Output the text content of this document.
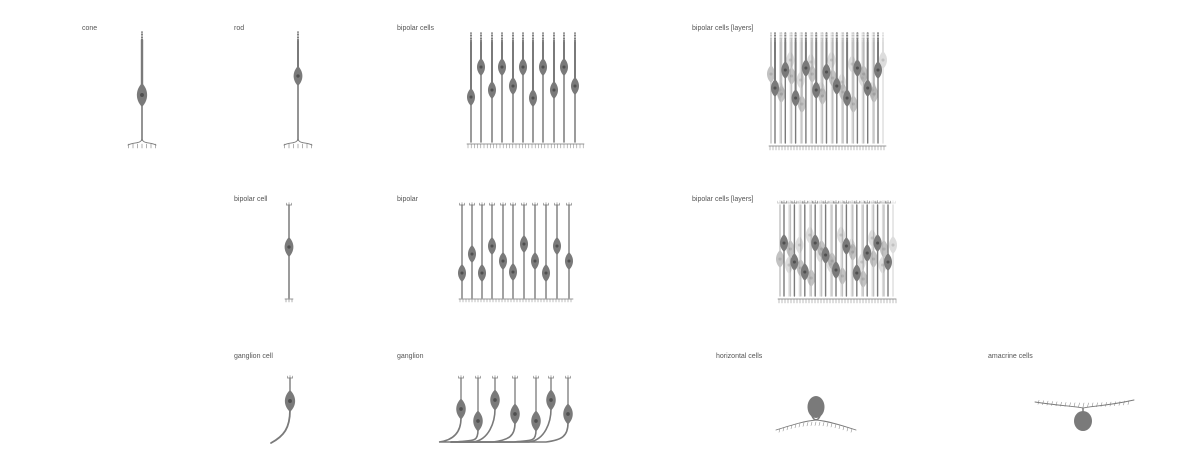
cone	rod	bipolar cells	bipolar cells [layers]
bipolar cell	bipolar	bipolar cells [layers]
ganglion cell	ganglion	horizontal cells	amacrine cells
